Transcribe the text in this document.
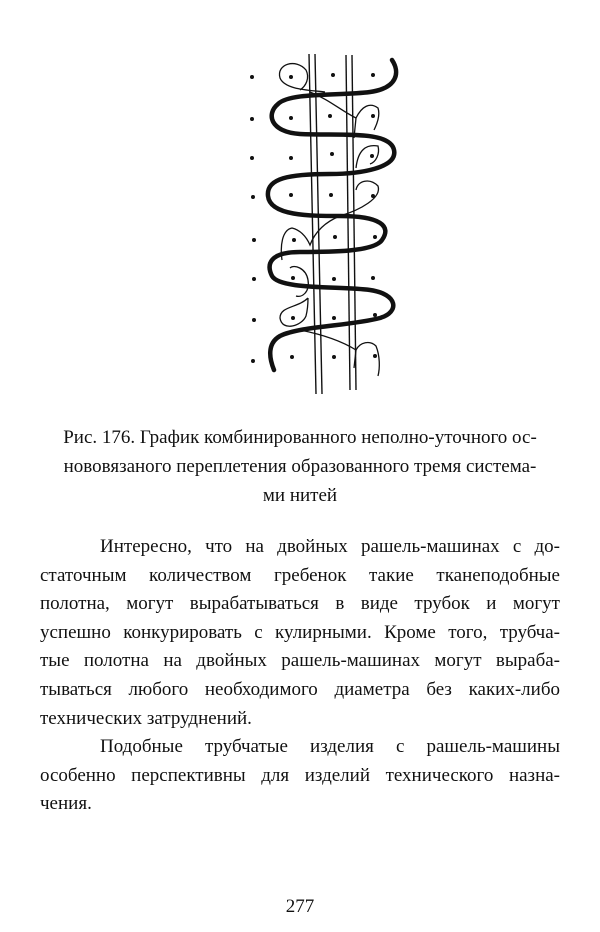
Рис. 176. График комбинированного неполно-уточного ос-
нововязаного переплетения образованного тремя система-
ми нитей
Интересно, что на двойных рашель-машинах с до-
статочным количеством гребенок такие тканеподобные
полотна, могут вырабатываться в виде трубок и могут
успешно конкурировать с кулирными. Кроме того, трубча-
тые полотна на двойных рашель-машинах могут выраба-
тываться любого необходимого диаметра без каких-либо
технических затруднений.
Подобные трубчатые изделия с рашель-машины
особенно перспективны для изделий технического назна-
чения.
277
